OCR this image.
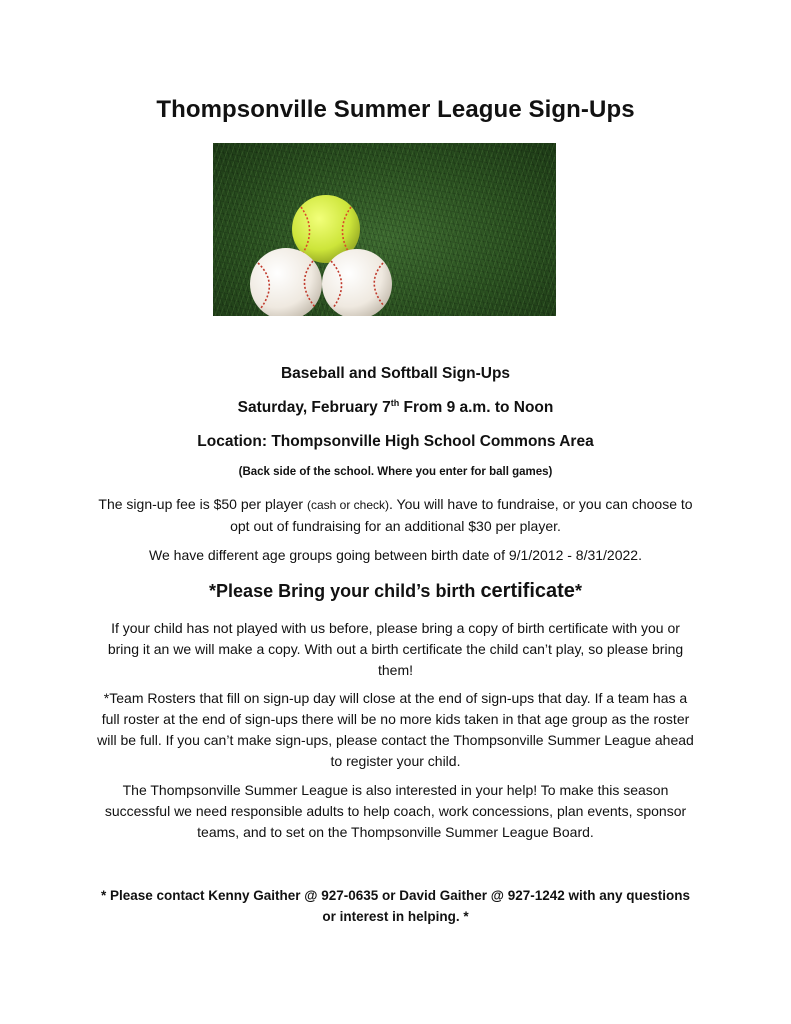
Thompsonville Summer League Sign-Ups
Baseball and Softball Sign-Ups
Saturday, February 7th From 9 a.m. to Noon
Location: Thompsonville High School Commons Area
(Back side of the school. Where you enter for ball games)
The sign-up fee is $50 per player (cash or check). You will have to fundraise, or you can choose to
opt out of fundraising for an additional $30 per player.
We have different age groups going between birth date of 9/1/2012 - 8/31/2022.
*Please Bring your child’s birth certificate*
If your child has not played with us before, please bring a copy of birth certificate with you or
bring it an we will make a copy. With out a birth certificate the child can’t play, so please bring
them!
*Team Rosters that fill on sign-up day will close at the end of sign-ups that day. If a team has a
full roster at the end of sign-ups there will be no more kids taken in that age group as the roster
will be full. If you can’t make sign-ups, please contact the Thompsonville Summer League ahead
to register your child.
The Thompsonville Summer League is also interested in your help! To make this season
successful we need responsible adults to help coach, work concessions, plan events, sponsor
teams, and to set on the Thompsonville Summer League Board.
* Please contact Kenny Gaither @ 927-0635 or David Gaither @ 927-1242 with any questions
or interest in helping. *
